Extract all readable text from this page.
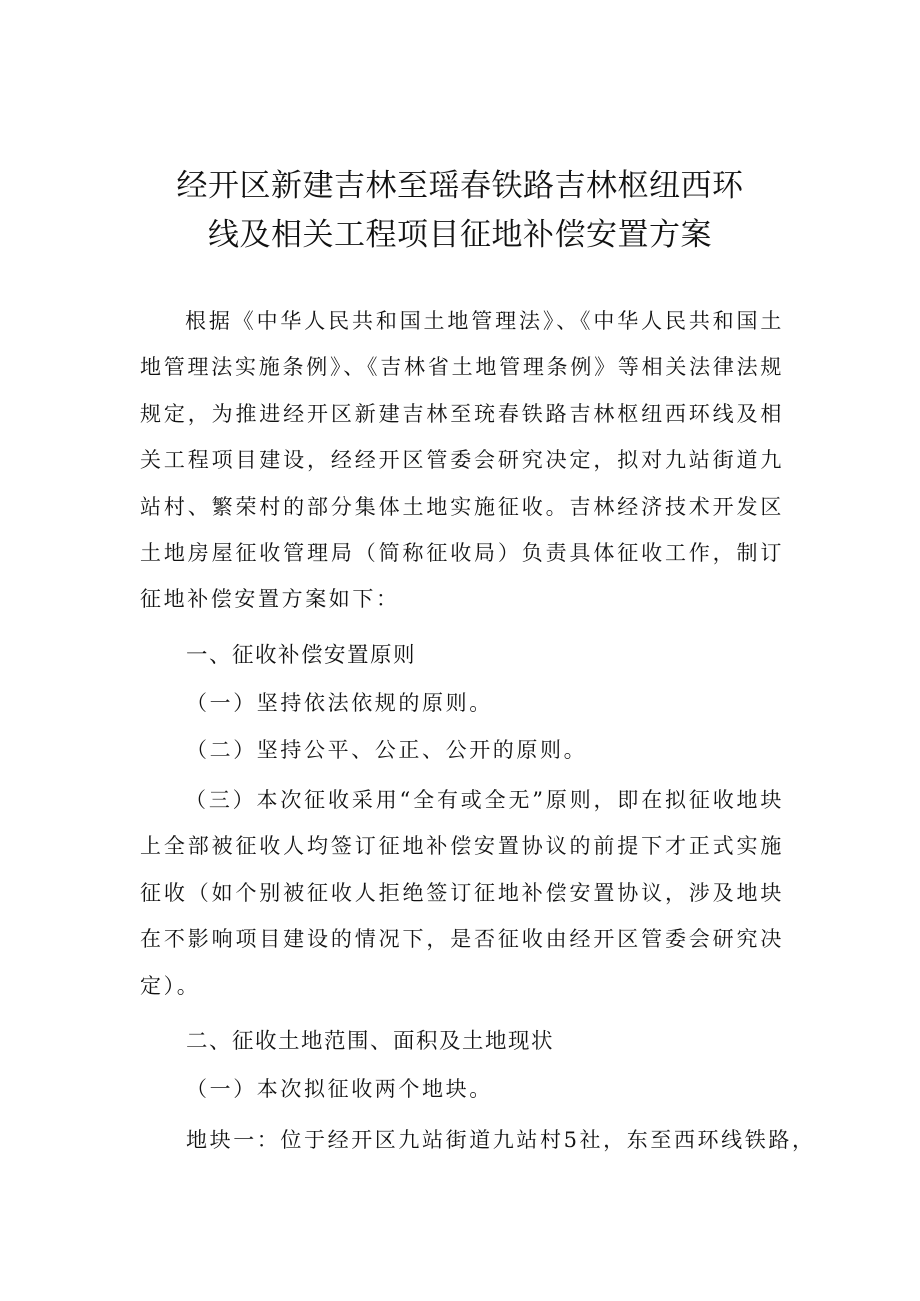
经开区新建吉林至瑶春铁路吉林枢纽西环
线及相关工程项目征地补偿安置方案
根据《中华人民共和国土地管理法》、《中华人民共和国土地管理法实施条例》、《吉林省土地管理条例》等相关法律法规规定，为推进经开区新建吉林至珫春铁路吉林枢纽西环线及相关工程项目建设，经经开区管委会研究决定，拟对九站街道九站村、繁荣村的部分集体土地实施征收。吉林经济技术开发区土地房屋征收管理局（简称征收局）负责具体征收工作，制订征地补偿安置方案如下：
一、征收补偿安置原则
（一）坚持依法依规的原则。
（二）坚持公平、公正、公开的原则。
（三）本次征收采用“全有或全无”原则，即在拟征收地块上全部被征收人均签订征地补偿安置协议的前提下才正式实施征收（如个别被征收人拒绝签订征地补偿安置协议，涉及地块在不影响项目建设的情况下，是否征收由经开区管委会研究决定）。
二、征收土地范围、面积及土地现状
（一）本次拟征收两个地块。
地块一：位于经开区九站街道九站村5社，东至西环线铁路，
